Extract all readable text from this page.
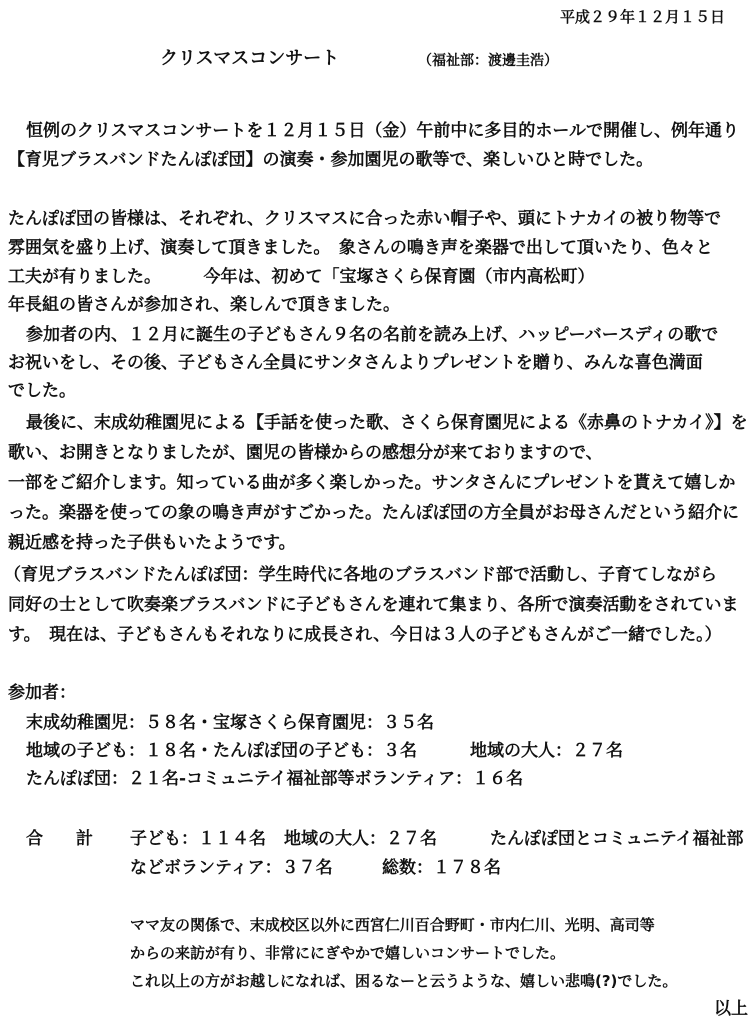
平成２９年１２月１５日
クリスマスコンサート	（福祉部：渡邊圭浩）
恒例のクリスマスコンサートを１２月１５日（金）午前中に多目的ホールで開催し、例年通り
【育児ブラスバンドたんぽぽ団】の演奏・参加園児の歌等で、楽しいひと時でした。
たんぽぽ団の皆様は、それぞれ、クリスマスに合った赤い帽子や、頭にトナカイの被り物等で
雰囲気を盛り上げ、演奏して頂きました。　象さんの鳴き声を楽器で出して頂いたり、色々と
工夫が有りました。　　　今年は、初めて「宝塚さくら保育園（市内高松町）
年長組の皆さんが参加され、楽しんで頂きました。
参加者の内、１２月に誕生の子どもさん９名の名前を読み上げ、ハッピーバースディの歌で
お祝いをし、その後、子どもさん全員にサンタさんよりプレゼントを贈り、みんな喜色満面
でした。
最後に、末成幼稚園児による【手話を使った歌、さくら保育園児による《赤鼻のトナカイ》】を
歌い、お開きとなりましたが、園児の皆様からの感想分が来ておりますので、
一部をご紹介します。知っている曲が多く楽しかった。サンタさんにプレゼントを貰えて嬉しか
った。楽器を使っての象の鳴き声がすごかった。たんぽぽ団の方全員がお母さんだという紹介に
親近感を持った子供もいたようです。
（育児ブラスバンドたんぽぽ団：学生時代に各地のブラスバンド部で活動し、子育てしながら
同好の士として吹奏楽ブラスバンドに子どもさんを連れて集まり、各所で演奏活動をされていま
す。　現在は、子どもさんもそれなりに成長され、今日は３人の子どもさんがご一緒でした。）
参加者：
末成幼稚園児：５８名・宝塚さくら保育園児：３５名
地域の子ども：１８名・たんぽぽ団の子ども：３名	地域の大人：２７名
たんぽぽ団：２１名-コミュニテイ福祉部等ボランティア：１６名
合 計 子ども：１１４名 地域の大人：２７名	たんぽぽ団とコミュニテイ福祉部
などボランティア：３７名	総数：１７８名
ママ友の関係で、末成校区以外に西宮仁川百合野町・市内仁川、光明、高司等
からの来訪が有り、非常ににぎやかで嬉しいコンサートでした。
これ以上の方がお越しになれば、困るなーと云うような、嬉しい悲鳴(?)でした。
以上
